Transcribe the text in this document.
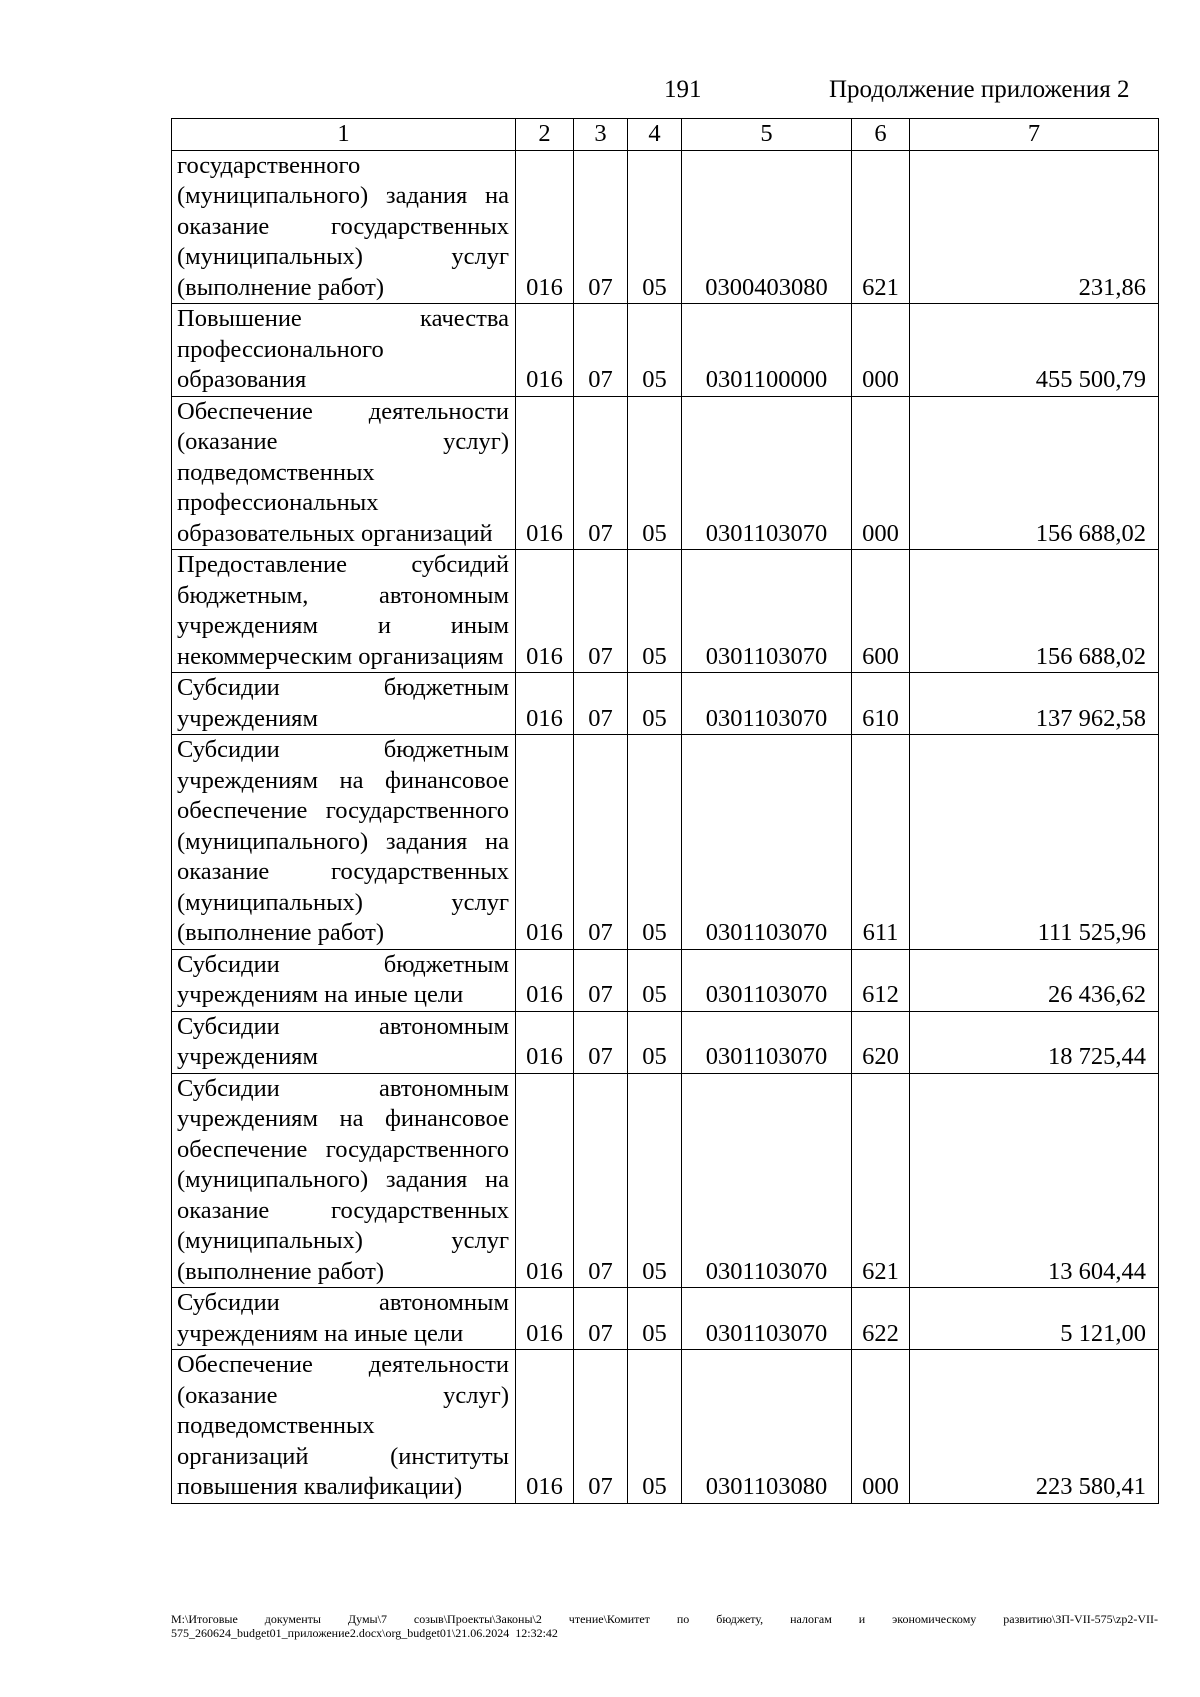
191	Продолжение приложения 2
1	2	3	4	5	6	7
государственного (муниципального) задания на оказание государственных (муниципальных) услуг (выполнение работ)	016	07	05	0300403080	621	231,86
Повышение качества профессионального образования	016	07	05	0301100000	000	455 500,79
Обеспечение деятельности (оказание услуг) подведомственных профессиональных образовательных организаций	016	07	05	0301103070	000	156 688,02
Предоставление субсидий бюджетным, автономным учреждениям и иным некоммерческим организациям	016	07	05	0301103070	600	156 688,02
Субсидии бюджетным учреждениям	016	07	05	0301103070	610	137 962,58
Субсидии бюджетным учреждениям на финансовое обеспечение государственного (муниципального) задания на оказание государственных (муниципальных) услуг (выполнение работ)	016	07	05	0301103070	611	111 525,96
Субсидии бюджетным учреждениям на иные цели	016	07	05	0301103070	612	26 436,62
Субсидии автономным учреждениям	016	07	05	0301103070	620	18 725,44
Субсидии автономным учреждениям на финансовое обеспечение государственного (муниципального) задания на оказание государственных (муниципальных) услуг (выполнение работ)	016	07	05	0301103070	621	13 604,44
Субсидии автономным учреждениям на иные цели	016	07	05	0301103070	622	5 121,00
Обеспечение деятельности (оказание услуг) подведомственных организаций (институты повышения квалификации)	016	07	05	0301103080	000	223 580,41
M:\Итоговые документы Думы\7 созыв\Проекты\Законы\2 чтение\Комитет по бюджету, налогам и экономическому развитию\ЗП-VII-575\zp2-VII-575_260624_budget01_приложение2.docx\org_budget01\21.06.2024 12:32:42
